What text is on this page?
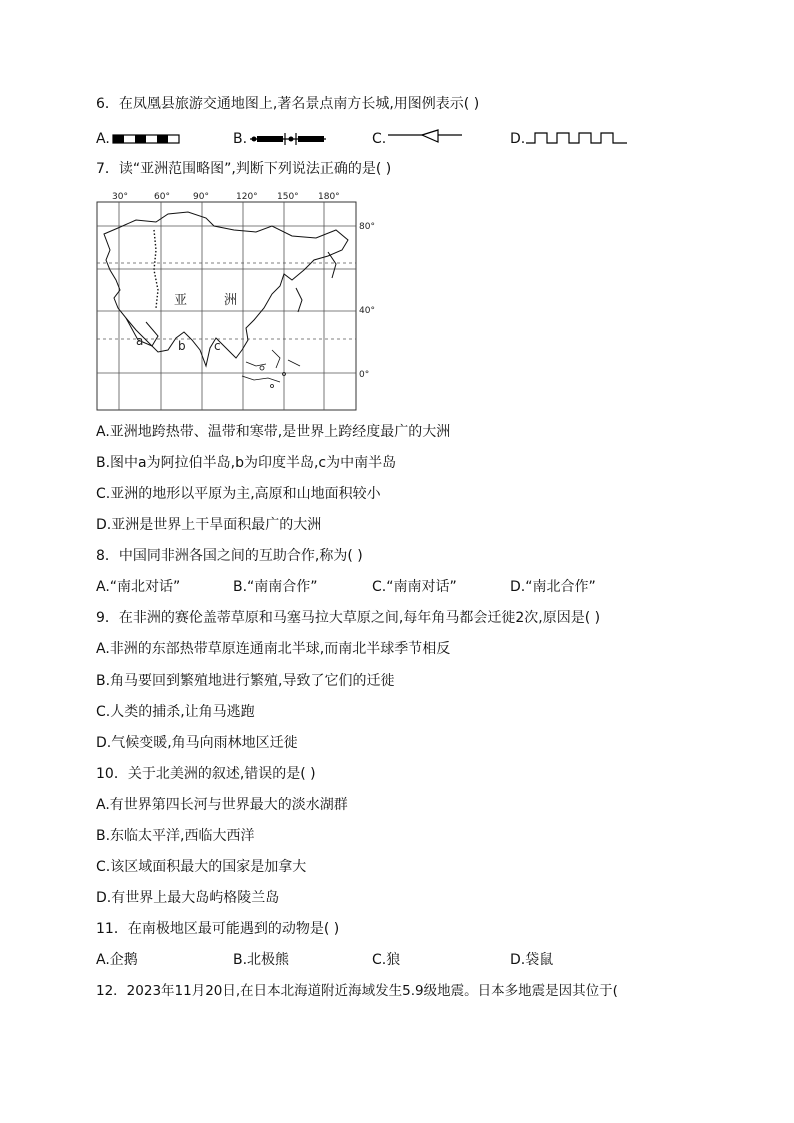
6．在凤凰县旅游交通地图上,著名景点南方长城,用图例表示( )
A.	B.	C.	D.
7．读“亚洲范围略图”,判断下列说法正确的是( )
30°	60°	90°	120° 150° 180°
80°
40°
0°
亚	洲
a	b c
A.亚洲地跨热带、温带和寒带,是世界上跨经度最广的大洲
B.图中a为阿拉伯半岛,b为印度半岛,c为中南半岛
C.亚洲的地形以平原为主,高原和山地面积较小
D.亚洲是世界上干旱面积最广的大洲
8．中国同非洲各国之间的互助合作,称为( )
A.“南北对话”	B.“南南合作”	C.“南南对话”	D.“南北合作”
9．在非洲的赛伦盖蒂草原和马塞马拉大草原之间,每年角马都会迁徙2次,原因是( )
A.非洲的东部热带草原连通南北半球,而南北半球季节相反
B.角马要回到繁殖地进行繁殖,导致了它们的迁徙
C.人类的捕杀,让角马逃跑
D.气候变暖,角马向雨林地区迁徙
10．关于北美洲的叙述,错误的是( )
A.有世界第四长河与世界最大的淡水湖群
B.东临太平洋,西临大西洋
C.该区域面积最大的国家是加拿大
D.有世界上最大岛屿格陵兰岛
11．在南极地区最可能遇到的动物是( )
A.企鹅	B.北极熊	C.狼	D.袋鼠
12．2023年11月20日,在日本北海道附近海域发生5.9级地震。日本多地震是因其位于(
